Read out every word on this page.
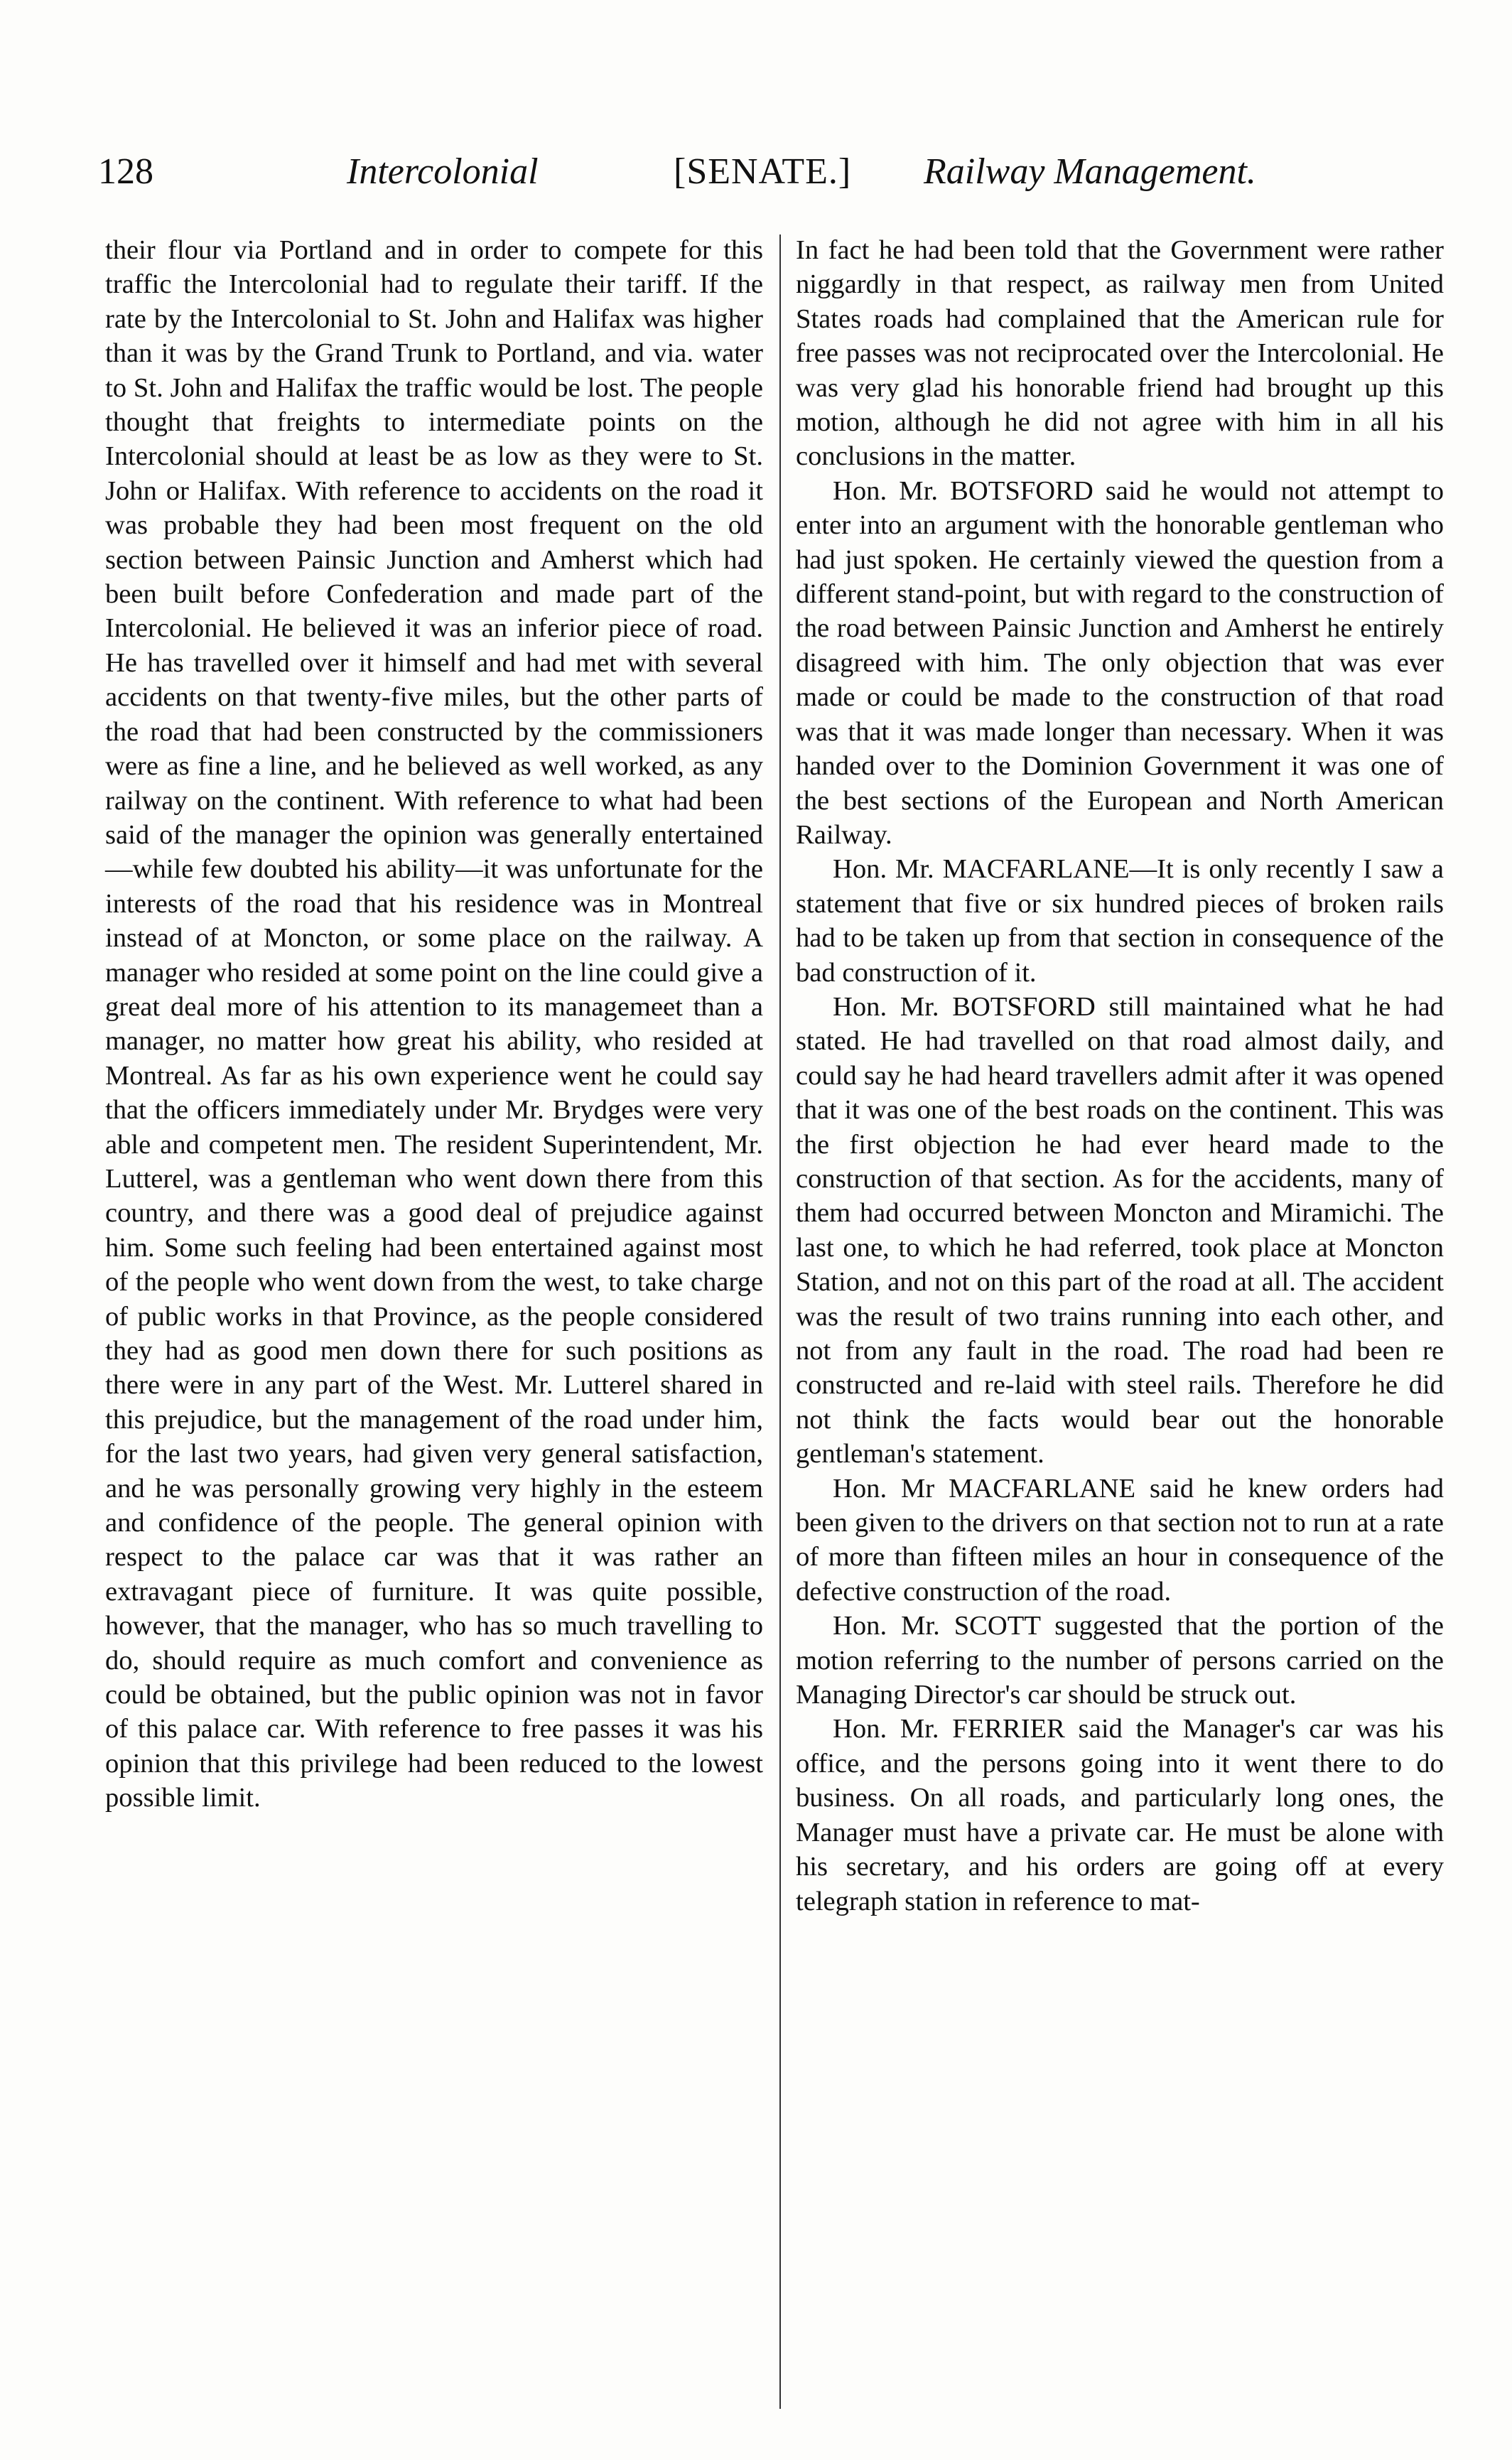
128	Intercolonial	[SENATE.] Railway Management.

their flour via Portland and in order to compete for this traffic the Intercolonial had to regulate their tariff. If the rate by the Intercolonial to St. John and Halifax was higher than it was by the Grand Trunk to Portland, and via. water to St. John and Halifax the traffic would be lost. The people thought that freights to intermediate points on the Intercolonial should at least be as low as they were to St. John or Halifax. With reference to accidents on the road it was probable they had been most frequent on the old section between Painsic Junction and Amherst which had been built before Confederation and made part of the Intercolonial. He believed it was an inferior piece of road. He has travelled over it himself and had met with several accidents on that twenty-five miles, but the other parts of the road that had been constructed by the commissioners were as fine a line, and he believed as well worked, as any railway on the continent. With reference to what had been said of the manager the opinion was generally entertained—while few doubted his ability—it was unfortunate for the interests of the road that his residence was in Montreal instead of at Moncton, or some place on the railway. A manager who resided at some point on the line could give a great deal more of his attention to its managemeet than a manager, no matter how great his ability, who resided at Montreal. As far as his own experience went he could say that the officers immediately under Mr. Brydges were very able and competent men. The resident Superintendent, Mr. Lutterel, was a gentleman who went down there from this country, and there was a good deal of prejudice against him. Some such feeling had been entertained against most of the people who went down from the west, to take charge of public works in that Province, as the people considered they had as good men down there for such positions as there were in any part of the West. Mr. Lutterel shared in this prejudice, but the management of the road under him, for the last two years, had given very general satisfaction, and he was personally growing very highly in the esteem and confidence of the people. The general opinion with respect to the palace car was that it was rather an extravagant piece of furniture. It was quite possible, however, that the manager, who has so much travelling to do, should require as much comfort and convenience as could be obtained, but the public opinion was not in favor of this palace car. With reference to free passes it was his opinion that this privilege had been reduced to the lowest possible limit.

In fact he had been told that the Government were rather niggardly in that respect, as railway men from United States roads had complained that the American rule for free passes was not reciprocated over the Intercolonial. He was very glad his honorable friend had brought up this motion, although he did not agree with him in all his conclusions in the matter.

Hon. Mr. BOTSFORD said he would not attempt to enter into an argument with the honorable gentleman who had just spoken. He certainly viewed the question from a different stand-point, but with regard to the construction of the road between Painsic Junction and Amherst he entirely disagreed with him. The only objection that was ever made or could be made to the construction of that road was that it was made longer than necessary. When it was handed over to the Dominion Government it was one of the best sections of the European and North American Railway.

Hon. Mr. MACFARLANE—It is only recently I saw a statement that five or six hundred pieces of broken rails had to be taken up from that section in consequence of the bad construction of it.

Hon. Mr. BOTSFORD still maintained what he had stated. He had travelled on that road almost daily, and could say he had heard travellers admit after it was opened that it was one of the best roads on the continent. This was the first objection he had ever heard made to the construction of that section. As for the accidents, many of them had occurred between Moncton and Miramichi. The last one, to which he had referred, took place at Moncton Station, and not on this part of the road at all. The accident was the result of two trains running into each other, and not from any fault in the road. The road had been re constructed and re-laid with steel rails. Therefore he did not think the facts would bear out the honorable gentleman's statement.

Hon. Mr MACFARLANE said he knew orders had been given to the drivers on that section not to run at a rate of more than fifteen miles an hour in consequence of the defective construction of the road.

Hon. Mr. SCOTT suggested that the portion of the motion referring to the number of persons carried on the Managing Director's car should be struck out.

Hon. Mr. FERRIER said the Manager's car was his office, and the persons going into it went there to do business. On all roads, and particularly long ones, the Manager must have a private car. He must be alone with his secretary, and his orders are going off at every telegraph station in reference to mat-
